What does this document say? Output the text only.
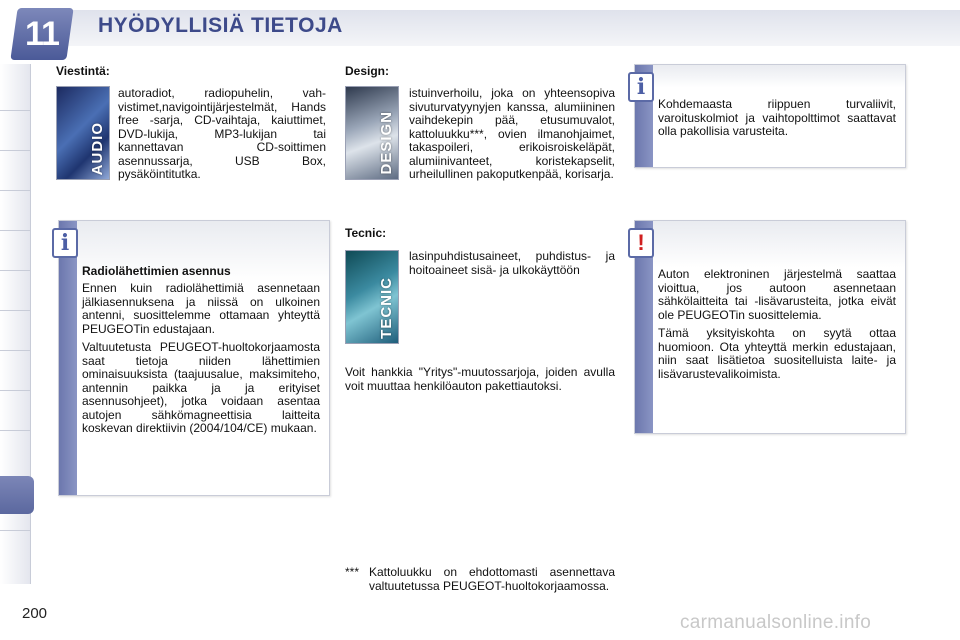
11	HYÖDYLLISIÄ TIETOJA
Viestintä:
AUDIO
autoradiot, radiopuhelin, vahvistimet,navigointijärjestelmät, Hands free -sarja, CD-vaihtaja, kaiuttimet, DVD-lukija, MP3-lukijan tai kannettavan CD-soittimen asennussarja, USB Box, pysäköintitutka.
Design:
DESIGN
istuinverhoilu, joka on yhteensopiva sivuturvatyynyjen kanssa, alumiininen vaihdekepin pää, etusumuvalot, kattoluukku***, ovien ilmanohjaimet, takaspoileri, erikoisroiskeläpät, alumiinivanteet, koristekapselit, urheilullinen pakoputkenpää, korisarja.
Tecnic:
TECNIC
lasinpuhdistusaineet, puhdistus- ja hoitoaineet sisä- ja ulkokäyttöön
Voit hankkia "Yritys"-muutossarjoja, joiden avulla voit muuttaa henkilöauton pakettiautoksi.
*** Kattoluukku on ehdottomasti asennettava valtuutetussa PEUGEOT-huoltokorjaamossa.
i
Kohdemaasta riippuen turvaliivit, varoituskolmiot ja vaihtopolttimot saattavat olla pakollisia varusteita.
i
Radiolähettimien asennus

Ennen kuin radiolähettimiä asennetaan jälkiasennuksena ja niissä on ulkoinen antenni, suosittelemme ottamaan yhteyttä PEUGEOTin edustajaan.

Valtuutetusta PEUGEOT-huoltokorjaamosta saat tietoja niiden lähettimien ominaisuuksista (taajuusalue, maksimiteho, antennin paikka ja ja erityiset asennusohjeet), jotka voidaan asentaa autojen sähkömagneettisia laitteita koskevan direktiivin (2004/104/CE) mukaan.

!

Auton elektroninen järjestelmä saattaa vioittua, jos autoon asennetaan sähkölaitteita tai -lisävarusteita, jotka eivät ole PEUGEOTin suosittelemia.

Tämä yksityiskohta on syytä ottaa huomioon. Ota yhteyttä merkin edustajaan, niin saat lisätietoa suositelluista laite- ja lisävarustevalikoimista.

200	carmanualsonline.info
